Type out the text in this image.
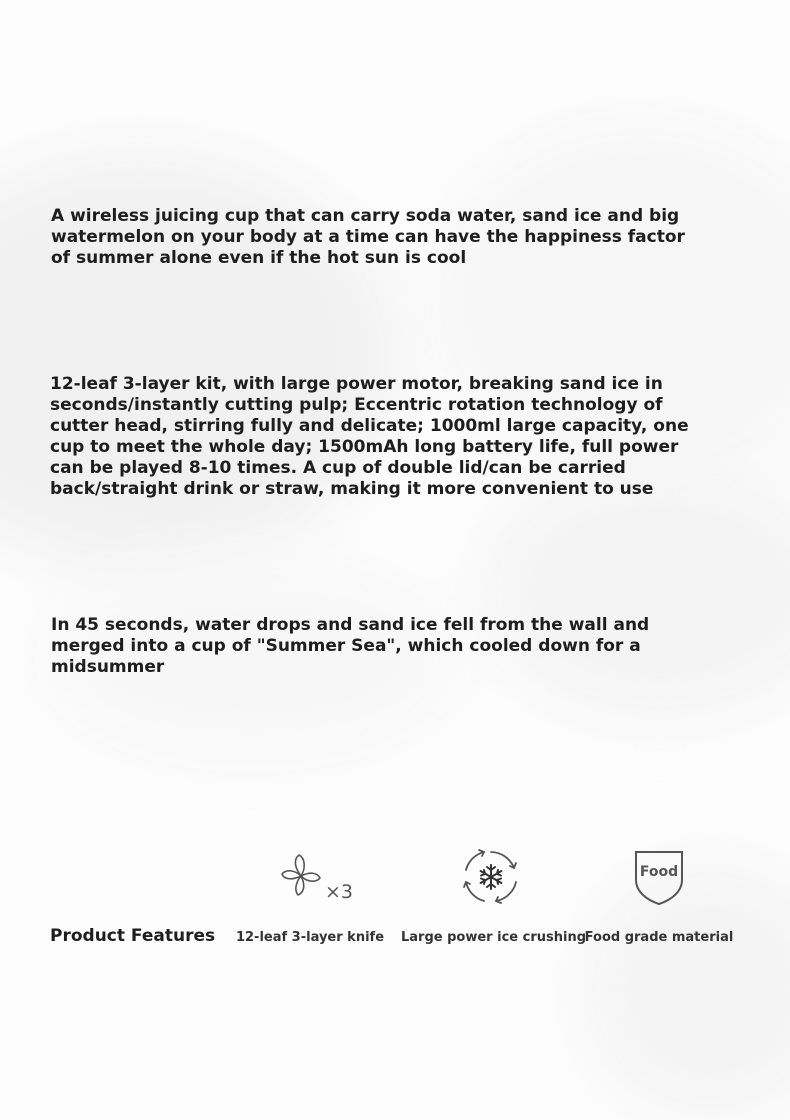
A wireless juicing cup that can carry soda water, sand ice and big watermelon on your body at a time can have the happiness factor of summer alone even if the hot sun is cool

12-leaf 3-layer kit, with large power motor, breaking sand ice in seconds/instantly cutting pulp; Eccentric rotation technology of cutter head, stirring fully and delicate; 1000ml large capacity, one cup to meet the whole day; 1500mAh long battery life, full power can be played 8-10 times. A cup of double lid/can be carried back/straight drink or straw, making it more convenient to use

In 45 seconds, water drops and sand ice fell from the wall and merged into a cup of "Summer Sea", which cooled down for a midsummer

Product Features

×3
12-leaf 3-layer knife	Large power ice crushing
Food
Food grade material
